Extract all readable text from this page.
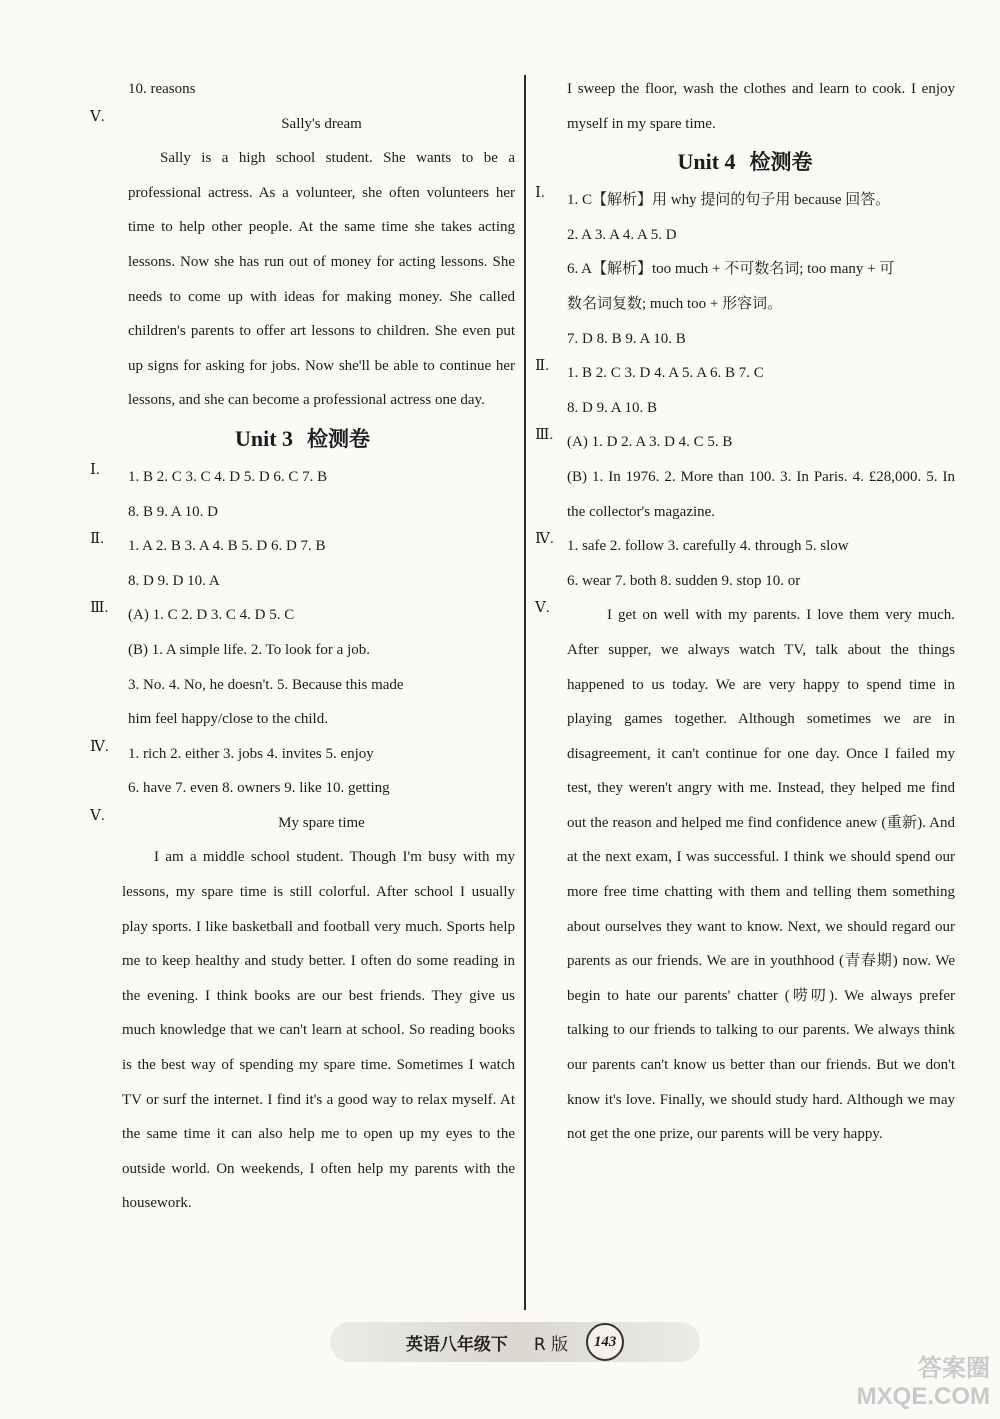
10. reasons
Ⅴ.	Sally's dream
Sally is a high school student. She wants to be a professional actress. As a volunteer, she often volunteers her time to help other people. At the same time she takes acting lessons. Now she has run out of money for acting lessons. She needs to come up with ideas for making money. She called children's parents to offer art lessons to children. She even put up signs for asking for jobs. Now she'll be able to continue her lessons, and she can become a professional actress one day.
Unit 3 检测卷
Ⅰ.	1. B 2. C 3. C 4. D 5. D 6. C 7. B
8. B 9. A 10. D
Ⅱ.	1. A 2. B 3. A 4. B 5. D 6. D 7. B
8. D 9. D 10. A
Ⅲ.	(A) 1. C 2. D 3. C 4. D 5. C
(B) 1. A simple life. 2. To look for a job.
3. No. 4. No, he doesn't. 5. Because this made
him feel happy/close to the child.
Ⅳ.	1. rich 2. either 3. jobs 4. invites 5. enjoy
6. have 7. even 8. owners 9. like 10. getting
Ⅴ.	My spare time
I am a middle school student. Though I'm busy with my lessons, my spare time is still colorful. After school I usually play sports. I like basketball and football very much. Sports help me to keep healthy and study better. I often do some reading in the evening. I think books are our best friends. They give us much knowledge that we can't learn at school. So reading books is the best way of spending my spare time. Sometimes I watch TV or surf the internet. I find it's a good way to relax myself. At the same time it can also help me to open up my eyes to the outside world. On weekends, I often help my parents with the housework.
I sweep the floor, wash the clothes and learn to cook. I enjoy myself in my spare time.
Unit 4 检测卷
Ⅰ.	1. C【解析】用 why 提问的句子用 because 回答。
2. A 3. A 4. A 5. D
6. A【解析】too much + 不可数名词; too many + 可
数名词复数; much too + 形容词。
7. D 8. B 9. A 10. B
Ⅱ.	1. B 2. C 3. D 4. A 5. A 6. B 7. C
8. D 9. A 10. B
Ⅲ. (A) 1. D 2. A 3. D 4. C 5. B
(B) 1. In 1976. 2. More than 100. 3. In Paris. 4. £28,000. 5. In the collector's magazine.
Ⅳ. 1. safe 2. follow 3. carefully 4. through 5. slow
6. wear 7. both 8. sudden 9. stop 10. or
Ⅴ.	I get on well with my parents. I love them very much. After supper, we always watch TV, talk about the things happened to us today. We are very happy to spend time in playing games together. Although sometimes we are in disagreement, it can't continue for one day. Once I failed my test, they weren't angry with me. Instead, they helped me find out the reason and helped me find confidence anew (重新). And at the next exam, I was successful. I think we should spend our more free time chatting with them and telling them something about ourselves they want to know. Next, we should regard our parents as our friends. We are in youthhood (青春期) now. We begin to hate our parents' chatter (唠叨). We always prefer talking to our friends to talking to our parents. We always think our parents can't know us better than our friends. But we don't know it's love. Finally, we should study hard. Although we may not get the one prize, our parents will be very happy.
英语八年级下 R 版 143
答案圈
MXQE.COM
